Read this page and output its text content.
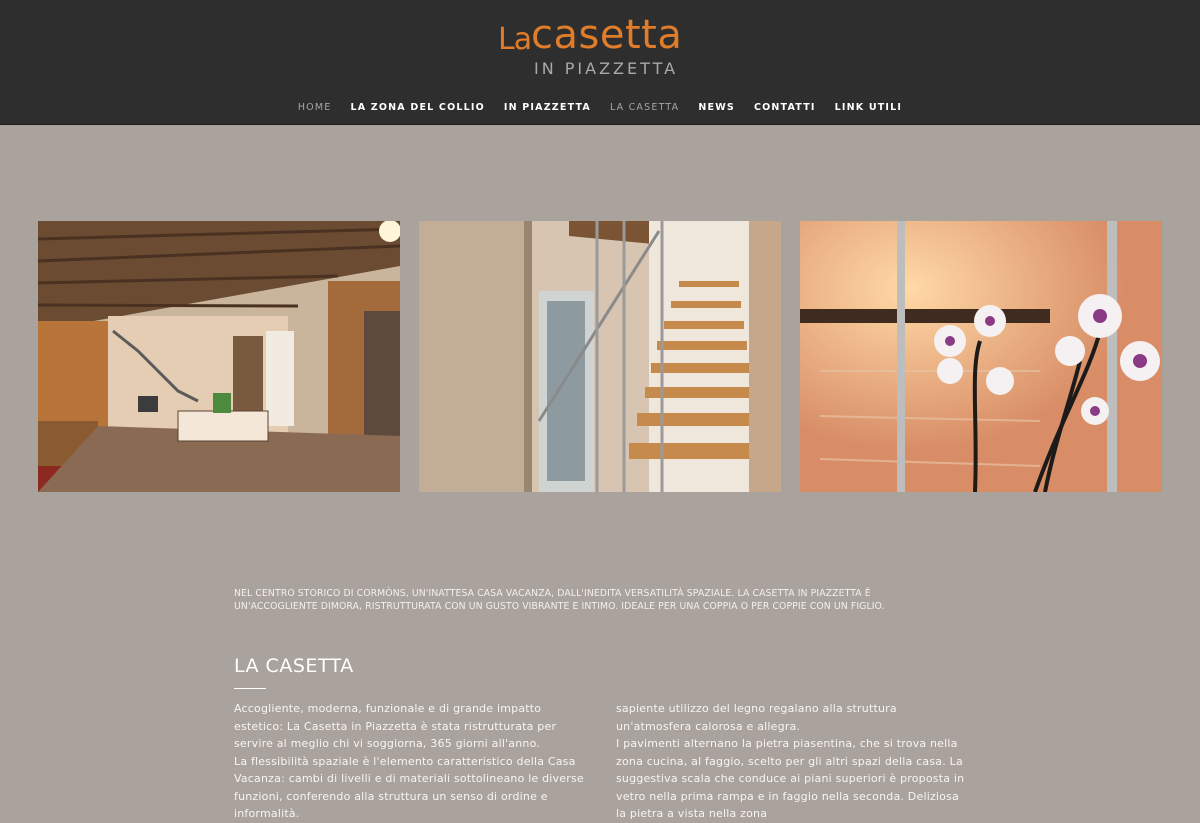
La casetta
IN PIAZZETTA
HOME LA ZONA DEL COLLIO IN PIAZZETTA LA CASETTA NEWS CONTATTI LINK UTILI
NEL CENTRO STORICO DI CORMÒNS, UN'INATTESA CASA VACANZA, DALL'INEDITA VERSATILITÀ SPAZIALE. LA CASETTA IN PIAZZETTA È UN'ACCOGLIENTE DIMORA, RISTRUTTURATA CON UN GUSTO VIBRANTE E INTIMO. IDEALE PER UNA COPPIA O PER COPPIE CON UN FIGLIO.
LA CASETTA

Accogliente, moderna, funzionale e di grande impatto estetico: La Casetta in Piazzetta è stata ristrutturata per servire al meglio chi vi soggiorna, 365 giorni all'anno.

La flessibilità spaziale è l'elemento caratteristico della Casa Vacanza: cambi di livelli e di materiali sottolineano le diverse funzioni, conferendo alla struttura un senso di ordine e informalità.

sapiente utilizzo del legno regalano alla struttura un'atmosfera calorosa e allegra.

I pavimenti alternano la pietra piasentina, che si trova nella zona cucina, al faggio, scelto per gli altri spazi della casa. La suggestiva scala che conduce ai piani superiori è proposta in vetro nella prima rampa e in faggio nella seconda. Deliziosa la pietra a vista nella zona
